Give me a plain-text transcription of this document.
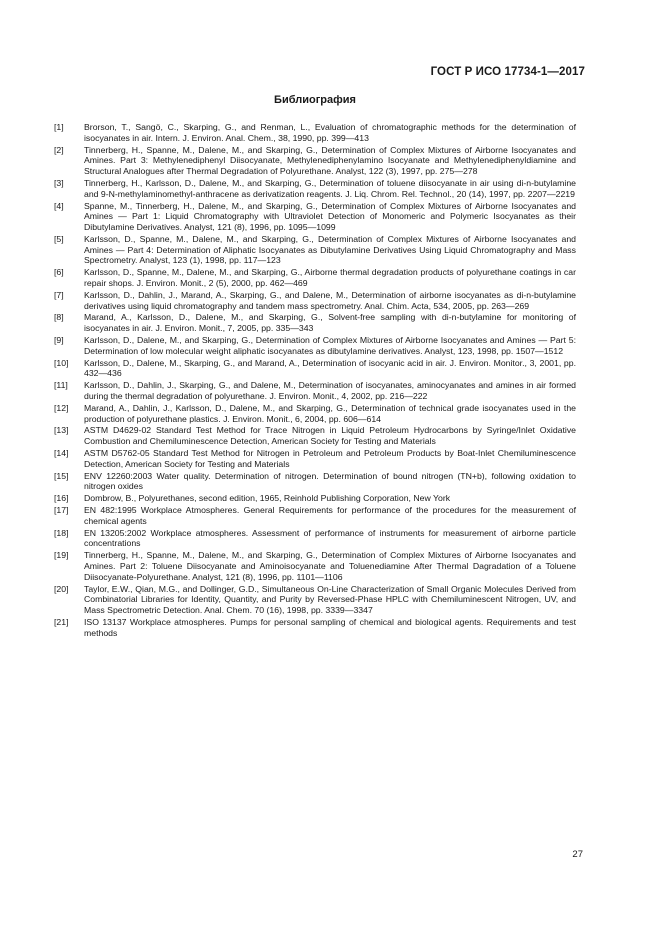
ГОСТ Р ИСО 17734-1—2017
Библиография
[1]	Brorson, T., Sangö, C., Skarping, G., and Renman, L., Evaluation of chromatographic methods for the determination of isocyanates in air. Intern. J. Environ. Anal. Chem., 38, 1990, pp. 399—413
[2]	Tinnerberg, H., Spanne, M., Dalene, M., and Skarping, G., Determination of Complex Mixtures of Airborne Isocyanates and Amines. Part 3: Methylenediphenyl Diisocyanate, Methylenediphenylamino Isocyanate and Methylenediphenyldiamine and Structural Analogues after Thermal Degradation of Polyurethane. Analyst, 122 (3), 1997, pp. 275—278
[3]	Tinnerberg, H., Karlsson, D., Dalene, M., and Skarping, G., Determination of toluene diisocyanate in air using di-n-butylamine and 9-N-methylaminomethyl-anthracene as derivatization reagents. J. Liq. Chrom. Rel. Technol., 20 (14), 1997, pp. 2207—2219
[4]	Spanne, M., Tinnerberg, H., Dalene, M., and Skarping, G., Determination of Complex Mixtures of Airborne Isocyanates and Amines — Part 1: Liquid Chromatography with Ultraviolet Detection of Monomeric and Polymeric Isocyanates as their Dibutylamine Derivatives. Analyst, 121 (8), 1996, pp. 1095—1099
[5]	Karlsson, D., Spanne, M., Dalene, M., and Skarping, G., Determination of Complex Mixtures of Airborne Isocyanates and Amines — Part 4: Determination of Aliphatic Isocyanates as Dibutylamine Derivatives Using Liquid Chromatography and Mass Spectrometry. Analyst, 123 (1), 1998, pp. 117—123
[6]	Karlsson, D., Spanne, M., Dalene, M., and Skarping, G., Airborne thermal degradation products of polyurethane coatings in car repair shops. J. Environ. Monit., 2 (5), 2000, pp. 462—469
[7]	Karlsson, D., Dahlin, J., Marand, A., Skarping, G., and Dalene, M., Determination of airborne isocyanates as di-n-butylamine derivatives using liquid chromatography and tandem mass spectrometry. Anal. Chim. Acta, 534, 2005, pp. 263—269
[8]	Marand, A., Karlsson, D., Dalene, M., and Skarping, G., Solvent-free sampling with di-n-butylamine for monitoring of isocyanates in air. J. Environ. Monit., 7, 2005, pp. 335—343
[9]	Karlsson, D., Dalene, M., and Skarping, G., Determination of Complex Mixtures of Airborne Isocyanates and Amines — Part 5: Determination of low molecular weight aliphatic isocyanates as dibutylamine derivatives. Analyst, 123, 1998, pp. 1507—1512
[10]	Karlsson, D., Dalene, M., Skarping, G., and Marand, A., Determination of isocyanic acid in air. J. Environ. Monitor., 3, 2001, pp. 432—436
[11]	Karlsson, D., Dahlin, J., Skarping, G., and Dalene, M., Determination of isocyanates, aminocyanates and amines in air formed during the thermal degradation of polyurethane. J. Environ. Monit., 4, 2002, pp. 216—222
[12]	Marand, A., Dahlin, J., Karlsson, D., Dalene, M., and Skarping, G., Determination of technical grade isocyanates used in the production of polyurethane plastics. J. Environ. Monit., 6, 2004, pp. 606—614
[13]	ASTM D4629-02 Standard Test Method for Trace Nitrogen in Liquid Petroleum Hydrocarbons by Syringe/Inlet Oxidative Combustion and Chemiluminescence Detection, American Society for Testing and Materials
[14]	ASTM D5762-05 Standard Test Method for Nitrogen in Petroleum and Petroleum Products by Boat-Inlet Chemiluminescence Detection, American Society for Testing and Materials
[15]	ENV 12260:2003 Water quality. Determination of nitrogen. Determination of bound nitrogen (TN+b), following oxidation to nitrogen oxides
[16]	Dombrow, B., Polyurethanes, second edition, 1965, Reinhold Publishing Corporation, New York
[17]	EN 482:1995 Workplace Atmospheres. General Requirements for performance of the procedures for the measurement of chemical agents
[18]	EN 13205:2002 Workplace atmospheres. Assessment of performance of instruments for measurement of airborne particle concentrations
[19]	Tinnerberg, H., Spanne, M., Dalene, M., and Skarping, G., Determination of Complex Mixtures of Airborne Isocyanates and Amines. Part 2: Toluene Diisocyanate and Aminoisocyanate and Toluenediamine After Thermal Dagradation of a Toluene Diisocyanate-Polyurethane. Analyst, 121 (8), 1996, pp. 1101—1106
[20]	Taylor, E.W., Qian, M.G., and Dollinger, G.D., Simultaneous On-Line Characterization of Small Organic Molecules Derived from Combinatorial Libraries for Identity, Quantity, and Purity by Reversed-Phase HPLC with Chemiluminescent Nitrogen, UV, and Mass Spectrometric Detection. Anal. Chem. 70 (16), 1998, pp. 3339—3347
[21]	ISO 13137 Workplace atmospheres. Pumps for personal sampling of chemical and biological agents. Requirements and test methods
27
